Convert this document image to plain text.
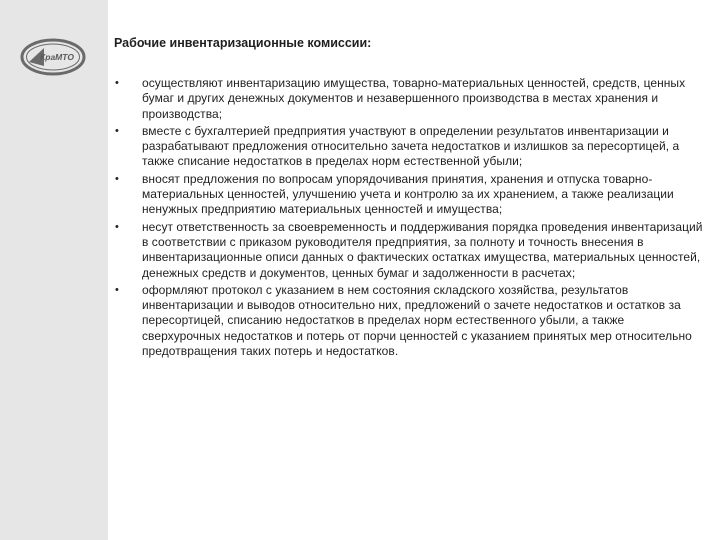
КраМТО
Рабочие инвентаризационные комиссии:
• осуществляют инвентаризацию имущества, товарно-материальных ценностей, средств, ценных бумаг и других денежных документов и незавершенного производства в местах хранения и производства;
• вместе с бухгалтерией предприятия участвуют в определении результатов инвентаризации и разрабатывают предложения относительно зачета недостатков и излишков за пересортицей, а также списание недостатков в пределах норм естественной убыли;
• вносят предложения по вопросам упорядочивания принятия, хранения и отпуска товарно-материальных ценностей, улучшению учета и контролю за их хранением, а также реализации ненужных предприятию материальных ценностей и имущества;
• несут ответственность за своевременность и поддерживания порядка проведения инвентаризаций в соответствии с приказом руководителя предприятия, за полноту и точность внесения в инвентаризационные описи данных о фактических остатках имущества, материальных ценностей, денежных средств и документов, ценных бумаг и задолженности в расчетах;
• оформляют протокол с указанием в нем состояния складского хозяйства, результатов инвентаризации и выводов относительно них, предложений о зачете недостатков и остатков за пересортицей, списанию недостатков в пределах норм естественного убыли, а также сверхурочных недостатков и потерь от порчи ценностей с указанием принятых мер относительно предотвращения таких потерь и недостатков.
